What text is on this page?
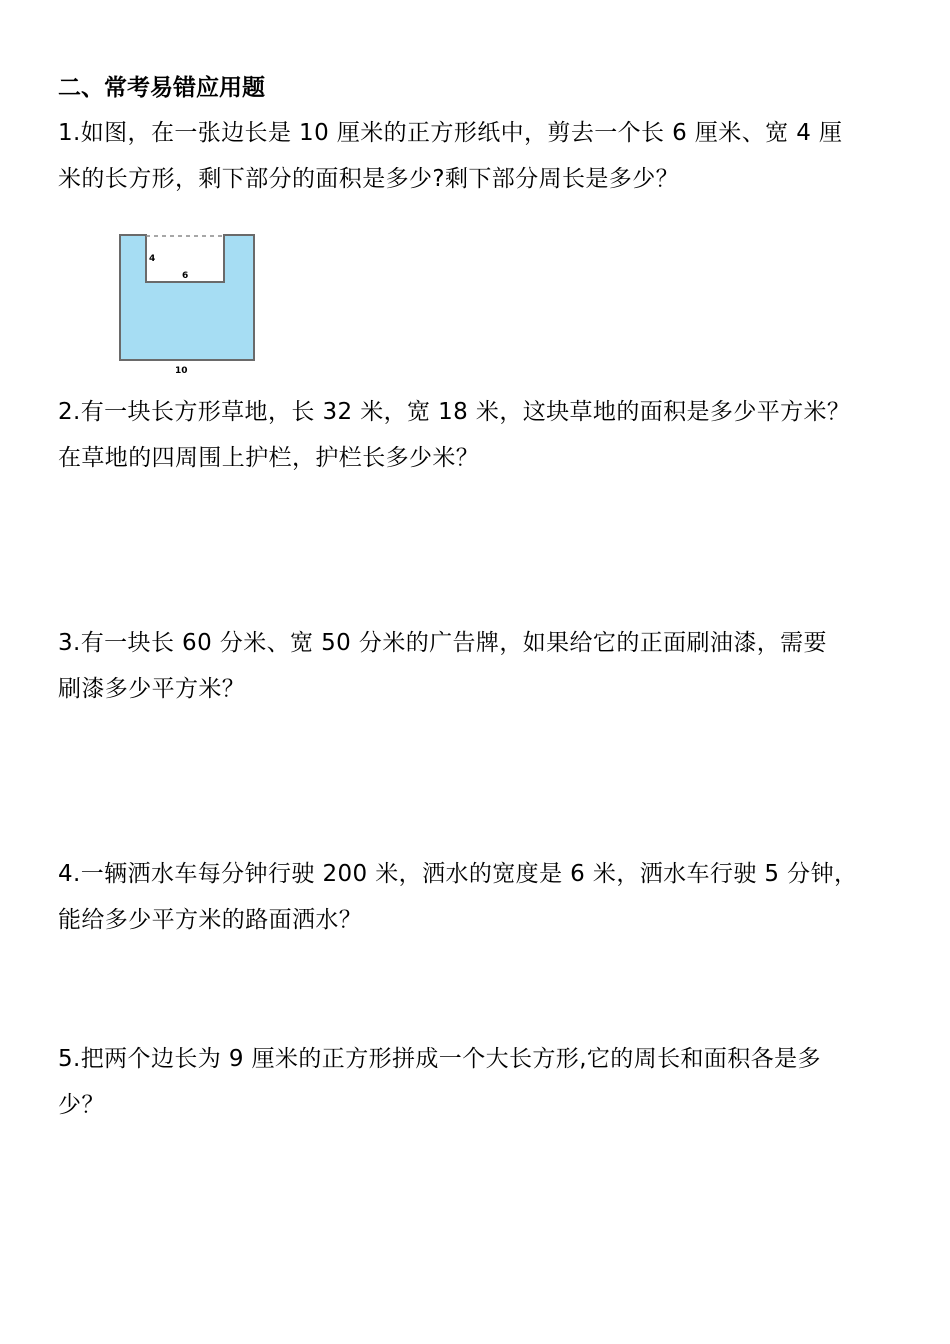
二、常考易错应用题
1.如图，在一张边长是 10 厘米的正方形纸中，剪去一个长 6 厘米、宽 4 厘
米的长方形，剩下部分的面积是多少?剩下部分周长是多少？
4
6
10
2.有一块长方形草地，长 32 米，宽 18 米，这块草地的面积是多少平方米？
在草地的四周围上护栏，护栏长多少米？
3.有一块长 60 分米、宽 50 分米的广告牌，如果给它的正面刷油漆，需要
刷漆多少平方米？
4.一辆洒水车每分钟行驶 200 米，洒水的宽度是 6 米，洒水车行驶 5 分钟，
能给多少平方米的路面洒水？
5.把两个边长为 9 厘米的正方形拼成一个大长方形,它的周长和面积各是多
少？
